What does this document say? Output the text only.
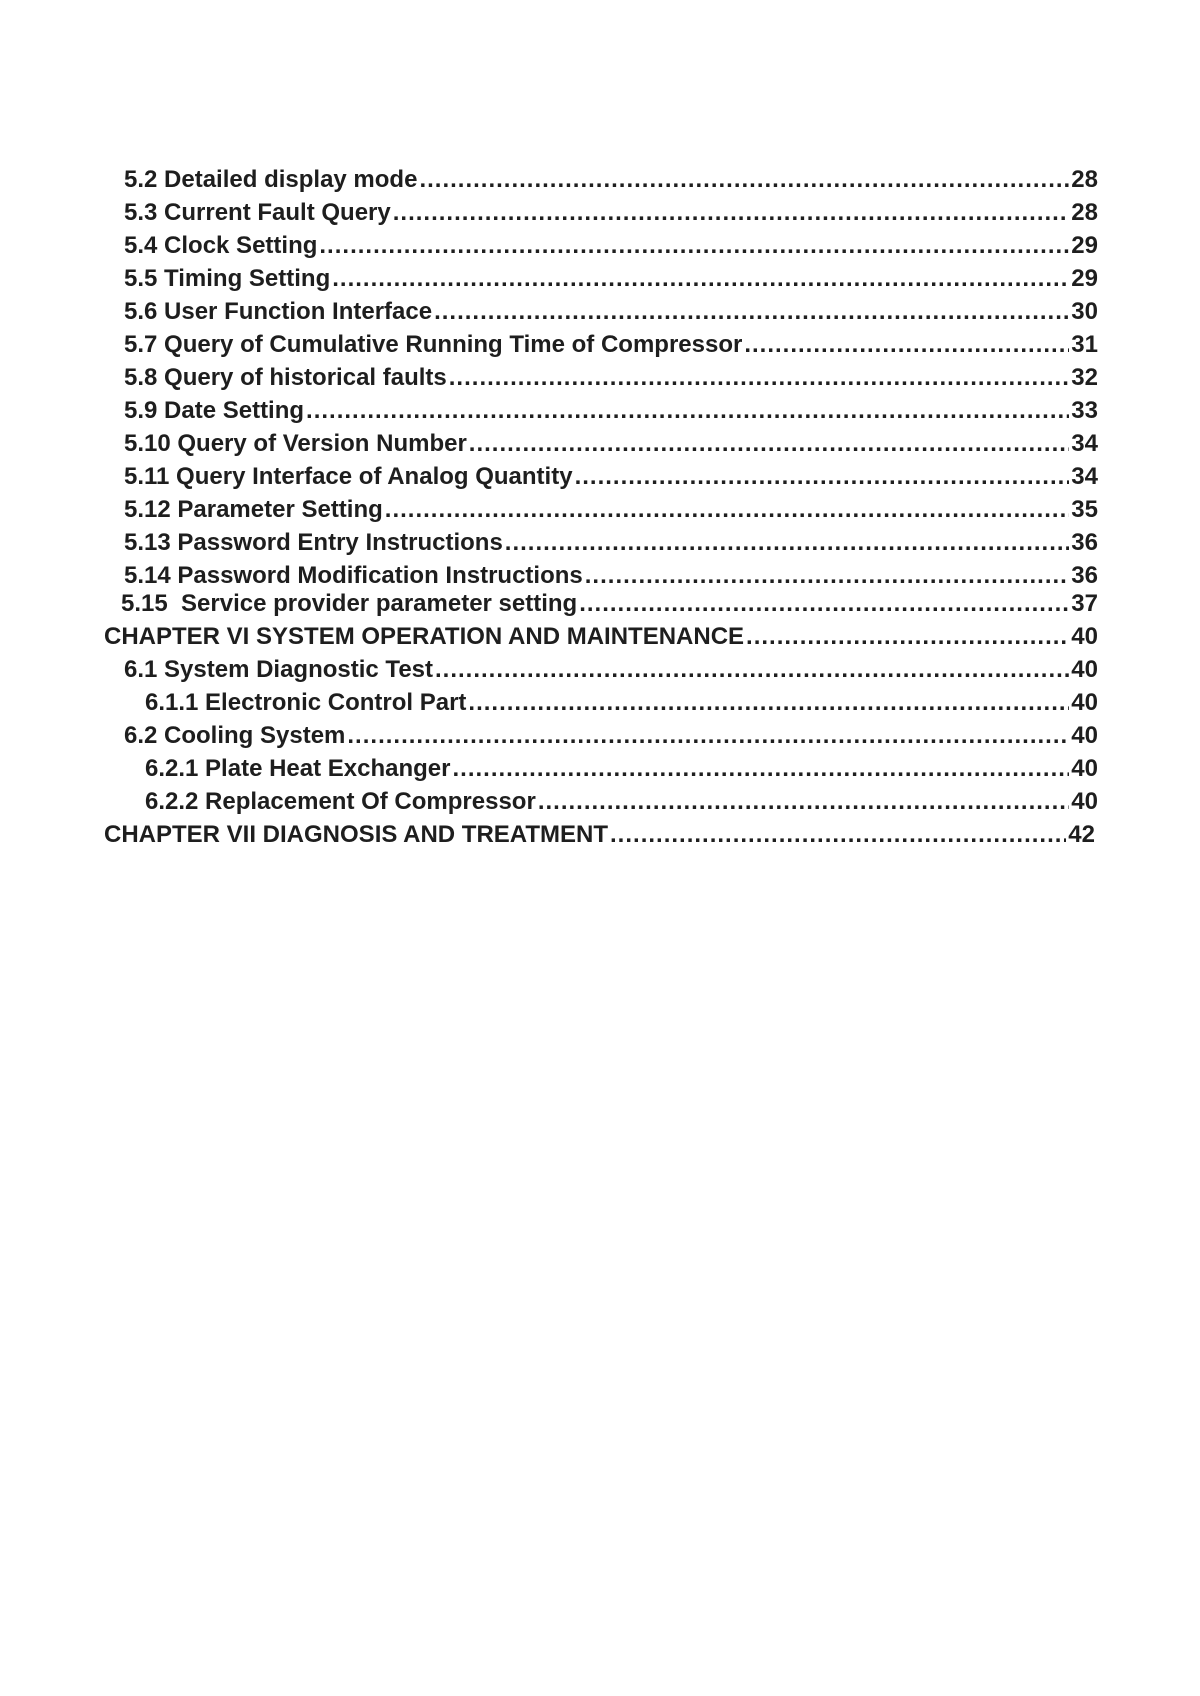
5.2 Detailed display mode .....	28
5.3 Current Fault Query .....	28
5.4 Clock Setting .....	29
5.5 Timing Setting .....	29
5.6 User Function Interface .....	30
5.7 Query of Cumulative Running Time of Compressor .....	31
5.8 Query of historical faults .....	32
5.9 Date Setting .....	33
5.10 Query of Version Number .....	34
5.11 Query Interface of Analog Quantity .....	34
5.12 Parameter Setting .....	35
5.13 Password Entry Instructions .....	36
5.14 Password Modification Instructions .....	36
5.15  Service provider parameter setting .....	37
CHAPTER VI SYSTEM OPERATION AND MAINTENANCE .....	40
6.1 System Diagnostic Test .....	40
6.1.1 Electronic Control Part .....	40
6.2 Cooling System .....	40
6.2.1 Plate Heat Exchanger .....	40
6.2.2 Replacement Of Compressor .....	40
CHAPTER VII DIAGNOSIS AND TREATMENT .....	42
